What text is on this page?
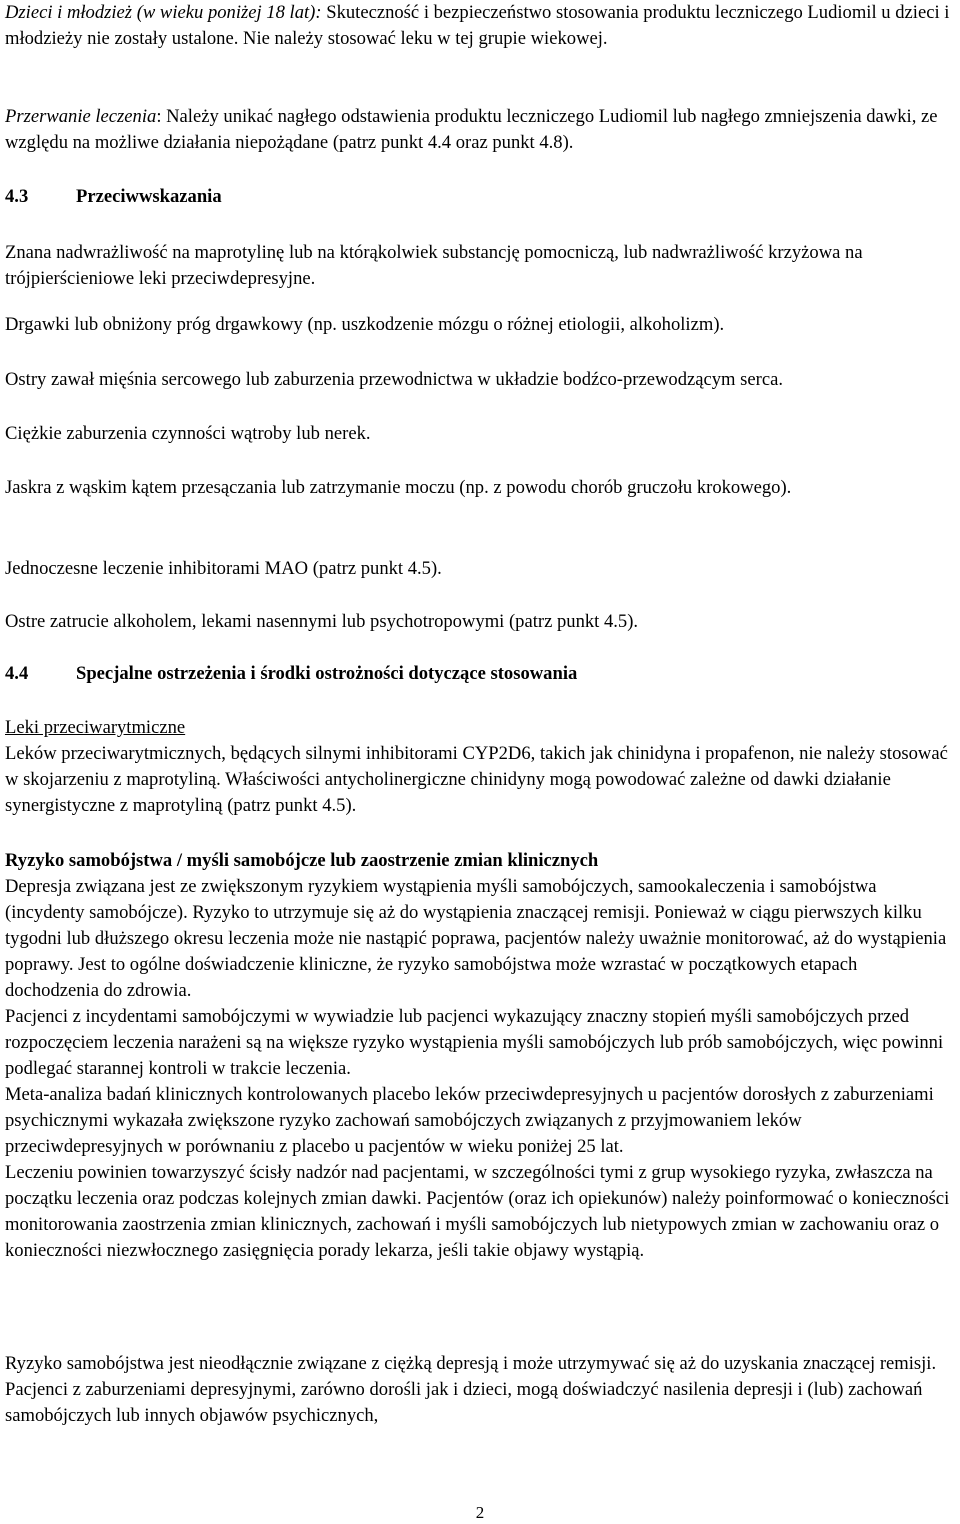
Dzieci i młodzież (w wieku poniżej 18 lat): Skuteczność i bezpieczeństwo stosowania produktu leczniczego Ludiomil u dzieci i młodzieży nie zostały ustalone. Nie należy stosować leku w tej grupie wiekowej.

Przerwanie leczenia: Należy unikać nagłego odstawienia produktu leczniczego Ludiomil lub nagłego zmniejszenia dawki, ze względu na możliwe działania niepożądane (patrz punkt 4.4 oraz punkt 4.8).

4.3	Przeciwwskazania

Znana nadwrażliwość na maprotylinę lub na którąkolwiek substancję pomocniczą, lub nadwrażliwość krzyżowa na trójpierścieniowe leki przeciwdepresyjne.

Drgawki lub obniżony próg drgawkowy (np. uszkodzenie mózgu o różnej etiologii, alkoholizm).

Ostry zawał mięśnia sercowego lub zaburzenia przewodnictwa w układzie bodźco-przewodzącym serca.

Ciężkie zaburzenia czynności wątroby lub nerek.

Jaskra z wąskim kątem przesączania lub zatrzymanie moczu (np. z powodu chorób gruczołu krokowego).

Jednoczesne leczenie inhibitorami MAO (patrz punkt 4.5).

Ostre zatrucie alkoholem, lekami nasennymi lub psychotropowymi (patrz punkt 4.5).

4.4	Specjalne ostrzeżenia i środki ostrożności dotyczące stosowania

Leki przeciwarytmiczne

Leków przeciwarytmicznych, będących silnymi inhibitorami CYP2D6, takich jak chinidyna i propafenon, nie należy stosować w skojarzeniu z maprotyliną. Właściwości antycholinergiczne chinidyny mogą powodować zależne od dawki działanie synergistyczne z maprotyliną (patrz punkt 4.5).

Ryzyko samobójstwa / myśli samobójcze lub zaostrzenie zmian klinicznych

Depresja związana jest ze zwiększonym ryzykiem wystąpienia myśli samobójczych, samookaleczenia i samobójstwa (incydenty samobójcze). Ryzyko to utrzymuje się aż do wystąpienia znaczącej remisji. Ponieważ w ciągu pierwszych kilku tygodni lub dłuższego okresu leczenia może nie nastąpić poprawa, pacjentów należy uważnie monitorować, aż do wystąpienia poprawy. Jest to ogólne doświadczenie kliniczne, że ryzyko samobójstwa może wzrastać w początkowych etapach dochodzenia do zdrowia.

Pacjenci z incydentami samobójczymi w wywiadzie lub pacjenci wykazujący znaczny stopień myśli samobójczych przed rozpoczęciem leczenia narażeni są na większe ryzyko wystąpienia myśli samobójczych lub prób samobójczych, więc powinni podlegać starannej kontroli w trakcie leczenia.

Meta-analiza badań klinicznych kontrolowanych placebo leków przeciwdepresyjnych u pacjentów dorosłych z zaburzeniami psychicznymi wykazała zwiększone ryzyko zachowań samobójczych związanych z przyjmowaniem leków przeciwdepresyjnych w porównaniu z placebo u pacjentów w wieku poniżej 25 lat.

Leczeniu powinien towarzyszyć ścisły nadzór nad pacjentami, w szczególności tymi z grup wysokiego ryzyka, zwłaszcza na początku leczenia oraz podczas kolejnych zmian dawki. Pacjentów (oraz ich opiekunów) należy poinformować o konieczności monitorowania zaostrzenia zmian klinicznych, zachowań i myśli samobójczych lub nietypowych zmian w zachowaniu oraz o konieczności niezwłocznego zasięgnięcia porady lekarza, jeśli takie objawy wystąpią.

Ryzyko samobójstwa jest nieodłącznie związane z ciężką depresją i może utrzymywać się aż do uzyskania znaczącej remisji. Pacjenci z zaburzeniami depresyjnymi, zarówno dorośli jak i dzieci, mogą doświadczyć nasilenia depresji i (lub) zachowań samobójczych lub innych objawów psychicznych,

2
